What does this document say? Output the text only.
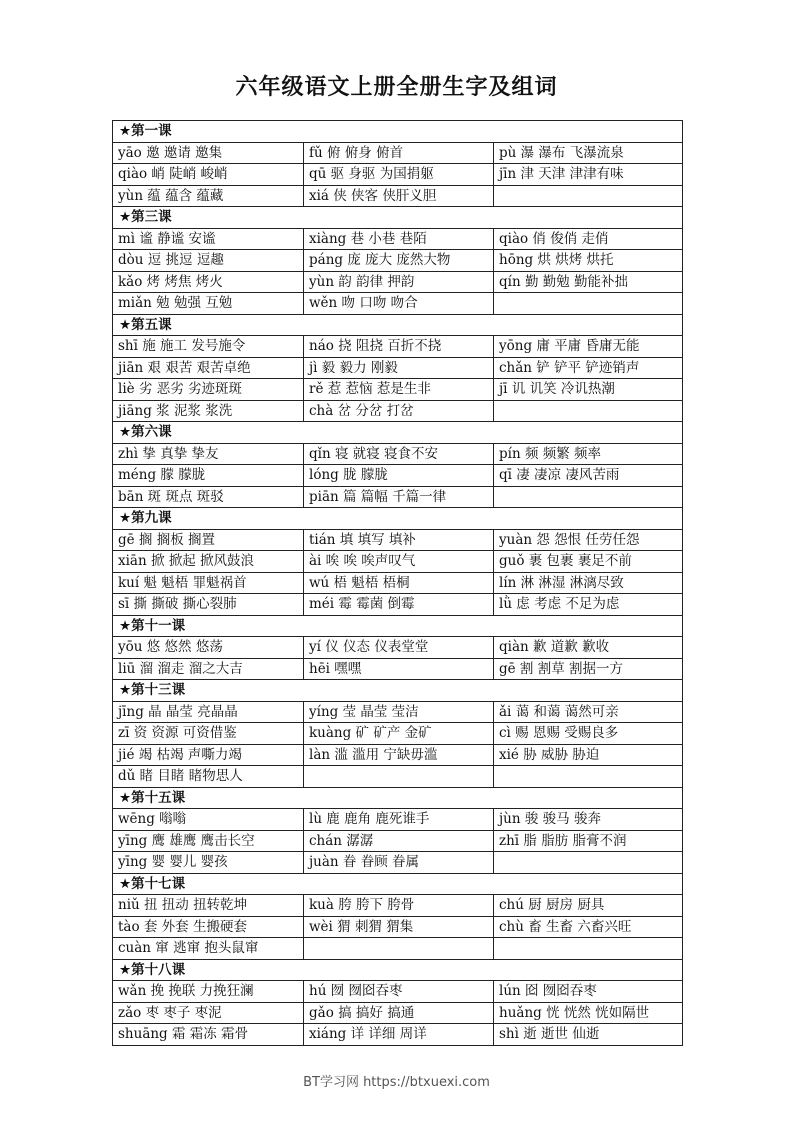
六年级语文上册全册生字及组词
★第一课		
yāo 邀 邀请 邀集	fǔ 俯 俯身 俯首	pù 瀑 瀑布 飞瀑流泉
qiào 峭 陡峭 峻峭	qū 驱 身驱 为国捐躯	jīn 津 天津 津津有味
yùn 蕴 蕴含 蕴藏	xiá 侠 侠客 侠肝义胆	
★第三课		
mì 谧 静谧 安谧	xiàng 巷 小巷 巷陌	qiào 俏 俊俏 走俏
dòu 逗 挑逗 逗趣	páng 庞 庞大 庞然大物	hōng 烘 烘烤 烘托
kǎo 烤 烤焦 烤火	yùn 韵 韵律 押韵	qín 勤 勤勉 勤能补拙
miǎn 勉 勉强 互勉	wěn 吻 口吻 吻合	
★第五课		
shī 施 施工 发号施令	náo 挠 阻挠 百折不挠	yōng 庸 平庸 昏庸无能
jiān 艰 艰苦 艰苦卓绝	jì 毅 毅力 刚毅	chǎn 铲 铲平 铲迹销声
liè 劣 恶劣 劣迹斑斑	rě 惹 惹恼 惹是生非	jī 讥 讥笑 冷讥热潮
jiāng 浆 泥浆 浆洗	chà 岔 分岔 打岔	
★第六课		
zhì 挚 真挚 挚友	qǐn 寝 就寝 寝食不安	pín 频 频繁 频率
méng 朦 朦胧	lóng 胧 朦胧	qī 凄 凄凉 凄风苦雨
bān 斑 斑点 斑驳	piān 篇 篇幅 千篇一律	
★第九课		
gē 搁 搁板 搁置	tián 填 填写 填补	yuàn 怨 怨恨 任劳任怨
xiān 掀 掀起 掀风鼓浪	ài 唉 唉 唉声叹气	guǒ 裹 包裹 裹足不前
kuí 魁 魁梧 罪魁祸首	wú 梧 魁梧 梧桐	lín 淋 淋湿 淋漓尽致
sī 撕 撕破 撕心裂肺	méi 霉 霉菌 倒霉	lǜ 虑 考虑 不足为虑
★第十一课		
yōu 悠 悠然 悠荡	yí 仪 仪态 仪表堂堂	qiàn 歉 道歉 歉收
liū 溜 溜走 溜之大吉	hēi 嘿嘿	gē 割 割草 割据一方
★第十三课		
jīng 晶 晶莹 亮晶晶	yíng 莹 晶莹 莹洁	ǎi 蔼 和蔼 蔼然可亲
zī 资 资源 可资借鉴	kuàng 矿 矿产 金矿	cì 赐 恩赐 受赐良多
jié 竭 枯竭 声嘶力竭	làn 滥 滥用 宁缺毋滥	xié 胁 威胁 胁迫
dǔ 睹 目睹 睹物思人		
★第十五课		
wēng 嗡嗡	lù 鹿 鹿角 鹿死谁手	jùn 骏 骏马 骏奔
yīng 鹰 雄鹰 鹰击长空	chán 潺潺	zhī 脂 脂肪 脂膏不润
yīng 婴 婴儿 婴孩	juàn 眷 眷顾 眷属	
★第十七课		
niǔ 扭 扭动 扭转乾坤	kuà 胯 胯下 胯骨	chú 厨 厨房 厨具
tào 套 外套 生搬硬套	wèi 猬 刺猬 猬集	chù 畜 生畜 六畜兴旺
cuàn 窜 逃窜 抱头鼠窜		
★第十八课		
wǎn 挽 挽联 力挽狂澜	hú 囫 囫囵吞枣	lún 囵 囫囵吞枣
zǎo 枣 枣子 枣泥	gǎo 搞 搞好 搞通	huǎng 恍 恍然 恍如隔世
shuāng 霜 霜冻 霜骨	xiáng 详 详细 周详	shì 逝 逝世 仙逝
BT学习网 https://btxuexi.com
